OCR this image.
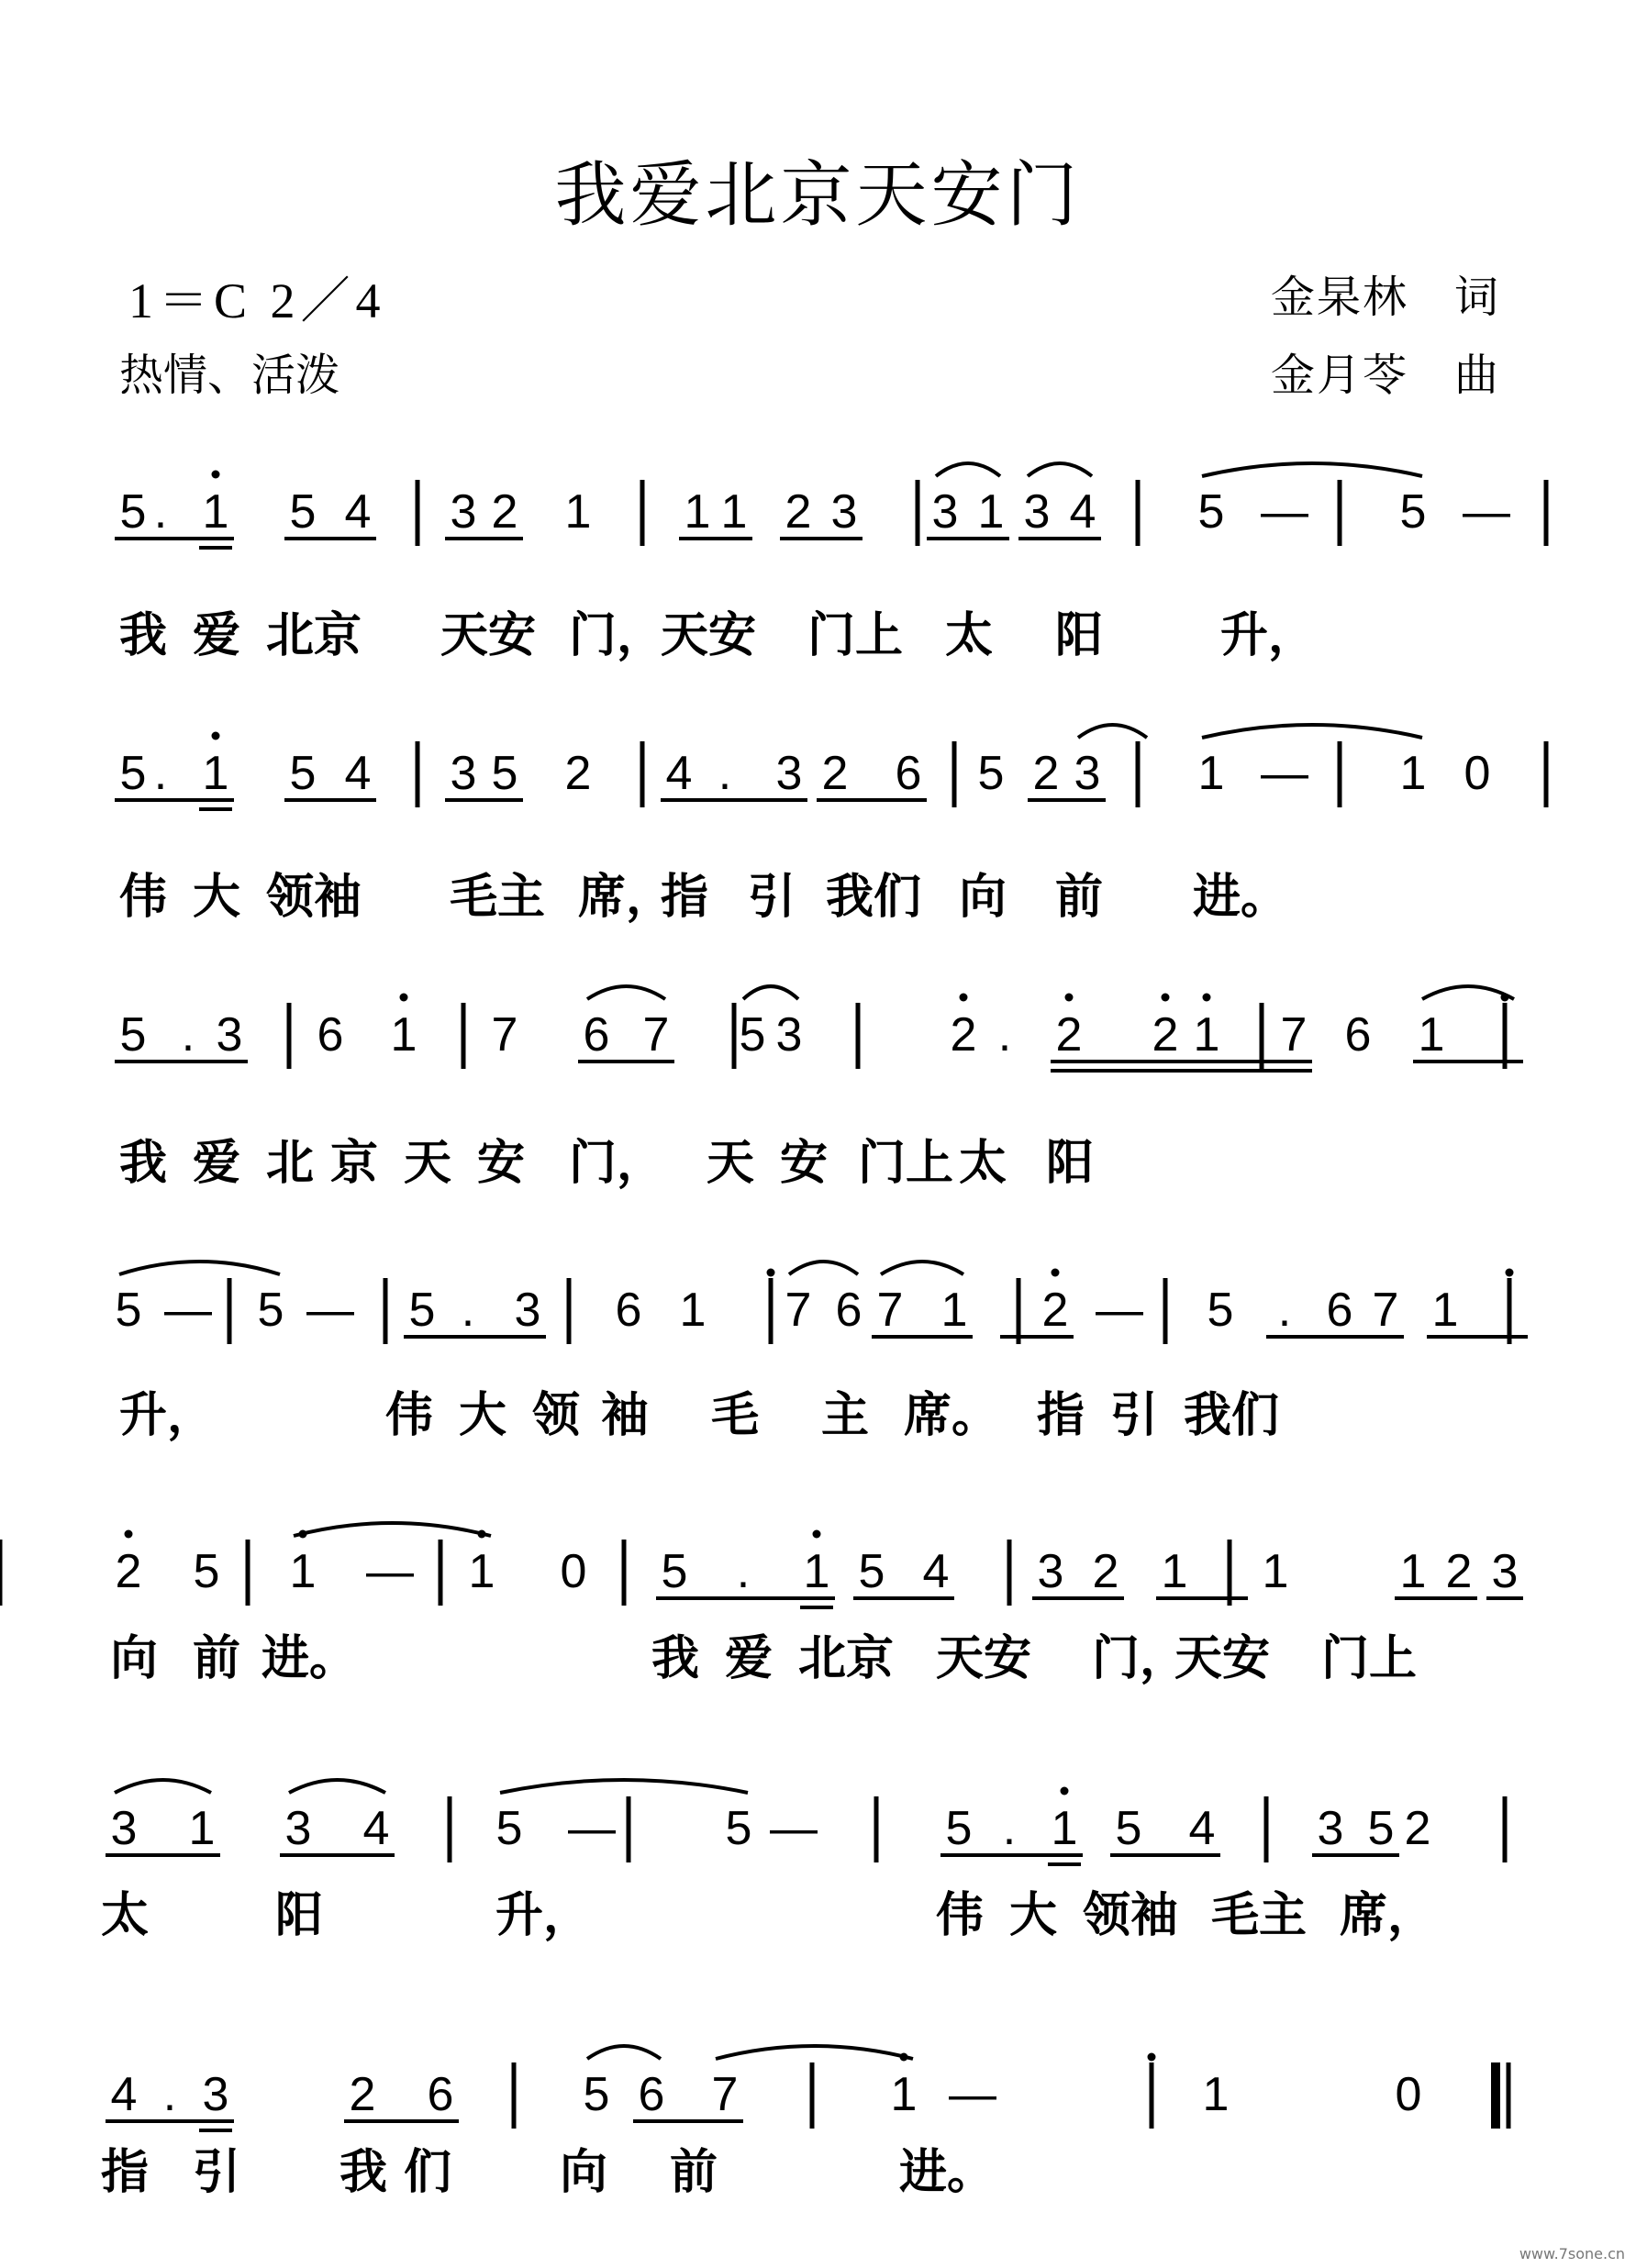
我爱北京天安门
1＝C 2／4
热情、活泼
金杲林 词
金月苓 曲
5 . 1 5 4 3 2 1 1 1 2 3 3 1 3 4 5 — 5 —
我 爱 北京 天安 门，
天安 门上 太 阳 升，
5 . 1 5 4 3 5 2 4 . 3 2 6 5 2 3 1 — 1 0
伟 大 领袖 毛主 席，
指 引 我们 向 前 进。
5 . 3 6 1 7 6 7 5 3	2 . 2 2 1 7 6 1
我 爱 北 京 天 安 门， 天 安 门上 太 阳
5 — 5 — 5 . 3 6 1 7 6 7 1 2 — 5 . 6 7 1
升，	伟 大 领 袖 毛 主 席。 指 引 我们
2 5 1 — 1 0 5 . 1 5 4 3 2 1 1 1 2 3
向 前 进。	我 爱 北京 天安 门，
天安 门上
3 1 3 4 5 — 5 —	5 . 1 5 4 3 5 2
太	阳	升，	伟 大 领袖 毛主 席，
4 . 3	2 6	5 6 7	1 —	1	0
指 引 我 们 向 前	进。
www.7sone.cn
